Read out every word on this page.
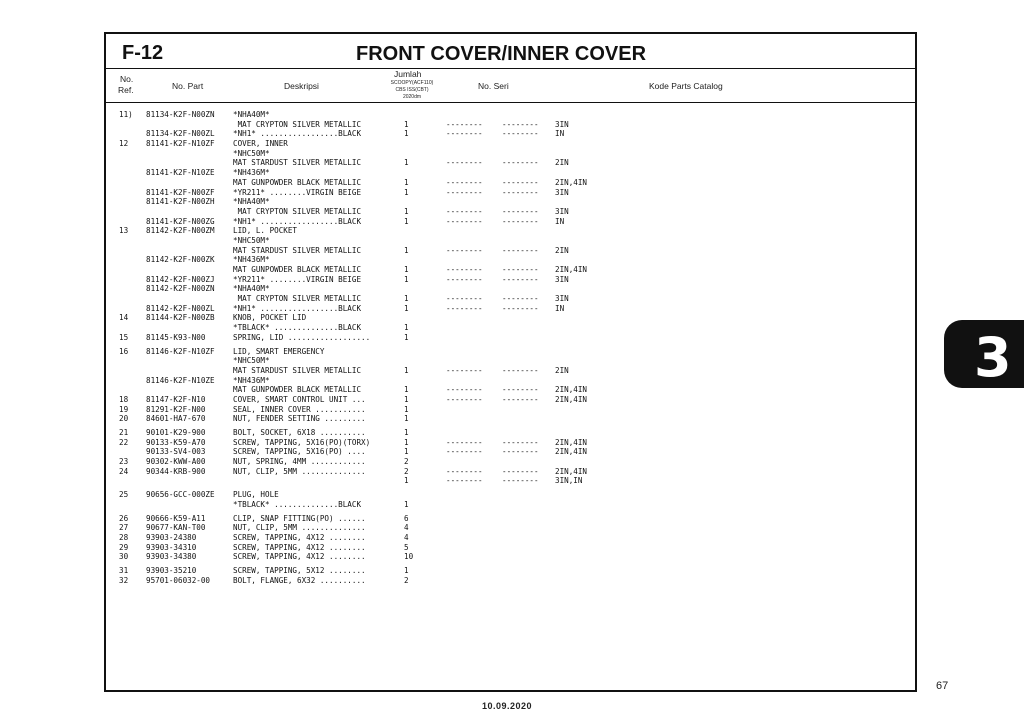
F-12	FRONT COVER/INNER COVER
No.
Ref.	No. Part	Deskripsi
Jumlah
SCOOPY(ACF110)
CBS ISS(CBT)
2020dm
No. Seri	Kode Parts Catalog
11) 81134-K2F-N00ZN *NHA40M*
MAT CRYPTON SILVER METALLIC	1	--------	-------- 3IN
81134-K2F-N00ZL *NH1* .................BLACK	1	--------	-------- IN
12 81141-K2F-N10ZF COVER, INNER
*NHC50M*
MAT STARDUST SILVER METALLIC	1	--------	-------- 2IN
81141-K2F-N10ZE *NH436M*
MAT GUNPOWDER BLACK METALLIC	1	--------	-------- 2IN,4IN
81141-K2F-N00ZF *YR211* ........VIRGIN BEIGE	1	--------	-------- 3IN
81141-K2F-N00ZH *NHA40M*
MAT CRYPTON SILVER METALLIC	1	--------	-------- 3IN
81141-K2F-N00ZG *NH1* .................BLACK	1	--------	-------- IN
13 81142-K2F-N00ZM LID, L. POCKET
*NHC50M*
MAT STARDUST SILVER METALLIC	1	--------	-------- 2IN
81142-K2F-N00ZK *NH436M*
MAT GUNPOWDER BLACK METALLIC	1	--------	-------- 2IN,4IN
81142-K2F-N00ZJ *YR211* ........VIRGIN BEIGE	1	--------	-------- 3IN
81142-K2F-N00ZN *NHA40M*
MAT CRYPTON SILVER METALLIC	1	--------	-------- 3IN
81142-K2F-N00ZL *NH1* .................BLACK	1	--------	-------- IN
14 81144-K2F-N00ZB KNOB, POCKET LID
*TBLACK* ..............BLACK	1
15 81145-K93-N00	SPRING, LID ..................	1
16 81146-K2F-N10ZF LID, SMART EMERGENCY
*NHC50M*
MAT STARDUST SILVER METALLIC	1	--------	-------- 2IN
81146-K2F-N10ZE *NH436M*
MAT GUNPOWDER BLACK METALLIC	1	--------	-------- 2IN,4IN
18 81147-K2F-N10	COVER, SMART CONTROL UNIT ...	1	--------	-------- 2IN,4IN
19 81291-K2F-N00	SEAL, INNER COVER ...........	1
20 84601-HA7-670	NUT, FENDER SETTING .........	1
21 90101-K29-900	BOLT, SOCKET, 6X18 ..........	1
22 90133-K59-A70	SCREW, TAPPING, 5X16(PO)(TORX)	1	--------	-------- 2IN,4IN
90133-SV4-003	SCREW, TAPPING, 5X16(PO) ....	1	--------	-------- 2IN,4IN
23 90302-KWW-A00	NUT, SPRING, 4MM ............	2
24 90344-KRB-900	NUT, CLIP, 5MM ..............	2	--------	-------- 2IN,4IN
1	--------	-------- 3IN,IN
25 90656-GCC-000ZE PLUG, HOLE
*TBLACK* ..............BLACK	1
26 90666-K59-A11	CLIP, SNAP FITTING(PO) ......	6
27 90677-KAN-T00	NUT, CLIP, 5MM ..............	4
28 93903-24380	SCREW, TAPPING, 4X12 ........	4
29 93903-34310	SCREW, TAPPING, 4X12 ........	5
30 93903-34380	SCREW, TAPPING, 4X12 ........	10
31 93903-35210	SCREW, TAPPING, 5X12 ........	1
32 95701-06032-00	BOLT, FLANGE, 6X32 ..........	2
3
67
10.09.2020
